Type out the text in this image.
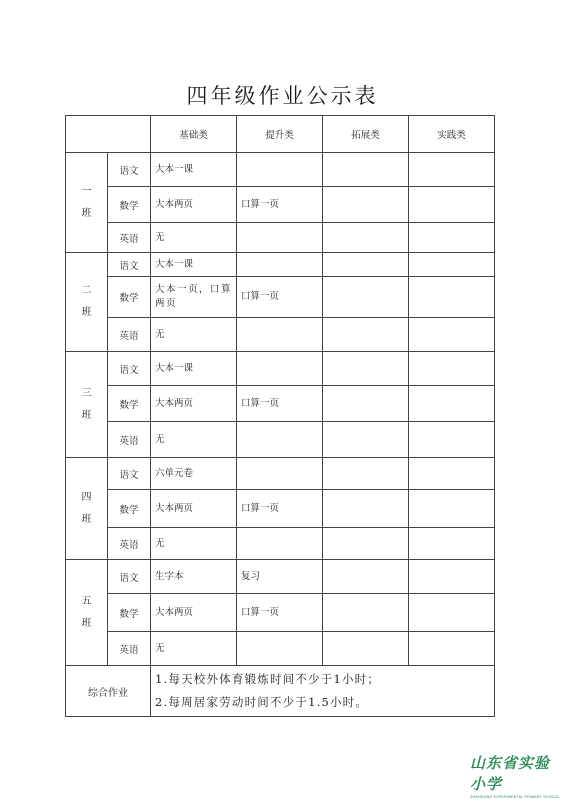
四年级作业公示表
		基础类	提升类	拓展类	实践类

一
班	语文	大本一课			
	数学	大本两页	口算一页		
	英语	无			

二
班	语文	大本一课			
	数学	大本一页，口算两页	口算一页		
	英语	无			

三
班	语文	大本一课			
	数学	大本两页	口算一页		
	英语	无			

四
班	语文	六单元卷			
	数学	大本两页	口算一页		
	英语	无			

五
班	语文	生字本	复习		
	数学	大本两页	口算一页		
	英语	无			
综合作业		1.每天校外体育锻炼时间不少于1小时；
2.每周居家劳动时间不少于1.5小时。			
山东省实验小学
SHANDONG EXPERIMENTAL PRIMARY SCHOOL
